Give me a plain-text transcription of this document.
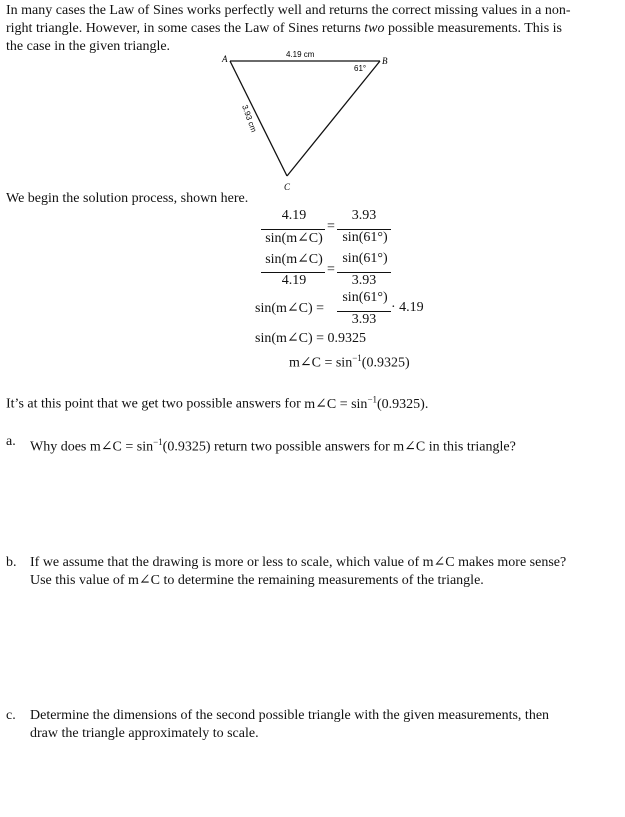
In many cases the Law of Sines works perfectly well and returns the correct missing values in a non-
right triangle. However, in some cases the Law of Sines returns two possible measurements. This is
the case in the given triangle.
4.19 cm
61°
3.93 cm
A	B
C
We begin the solution process, shown here.
4.19
sin(m∠C)
=
3.93
sin(61°)
sin(m∠C)
4.19
=
sin(61°)
3.93
sin(m∠C) =
sin(61°)
3.93
· 4.19
sin(m∠C) = 0.9325
m∠C = $\sin^{-1}(0.9325)$
It’s at this point that we get two possible answers for m∠C = $\sin^{-1}(0.9325)$.
a. Why does m∠C = $\sin^{-1}(0.9325)$ return two possible answers for m∠C in this triangle?
b. If we assume that the drawing is more or less to scale, which value of m∠C makes more sense?
Use this value of m∠C to determine the remaining measurements of the triangle.
c. Determine the dimensions of the second possible triangle with the given measurements, then
draw the triangle approximately to scale.
